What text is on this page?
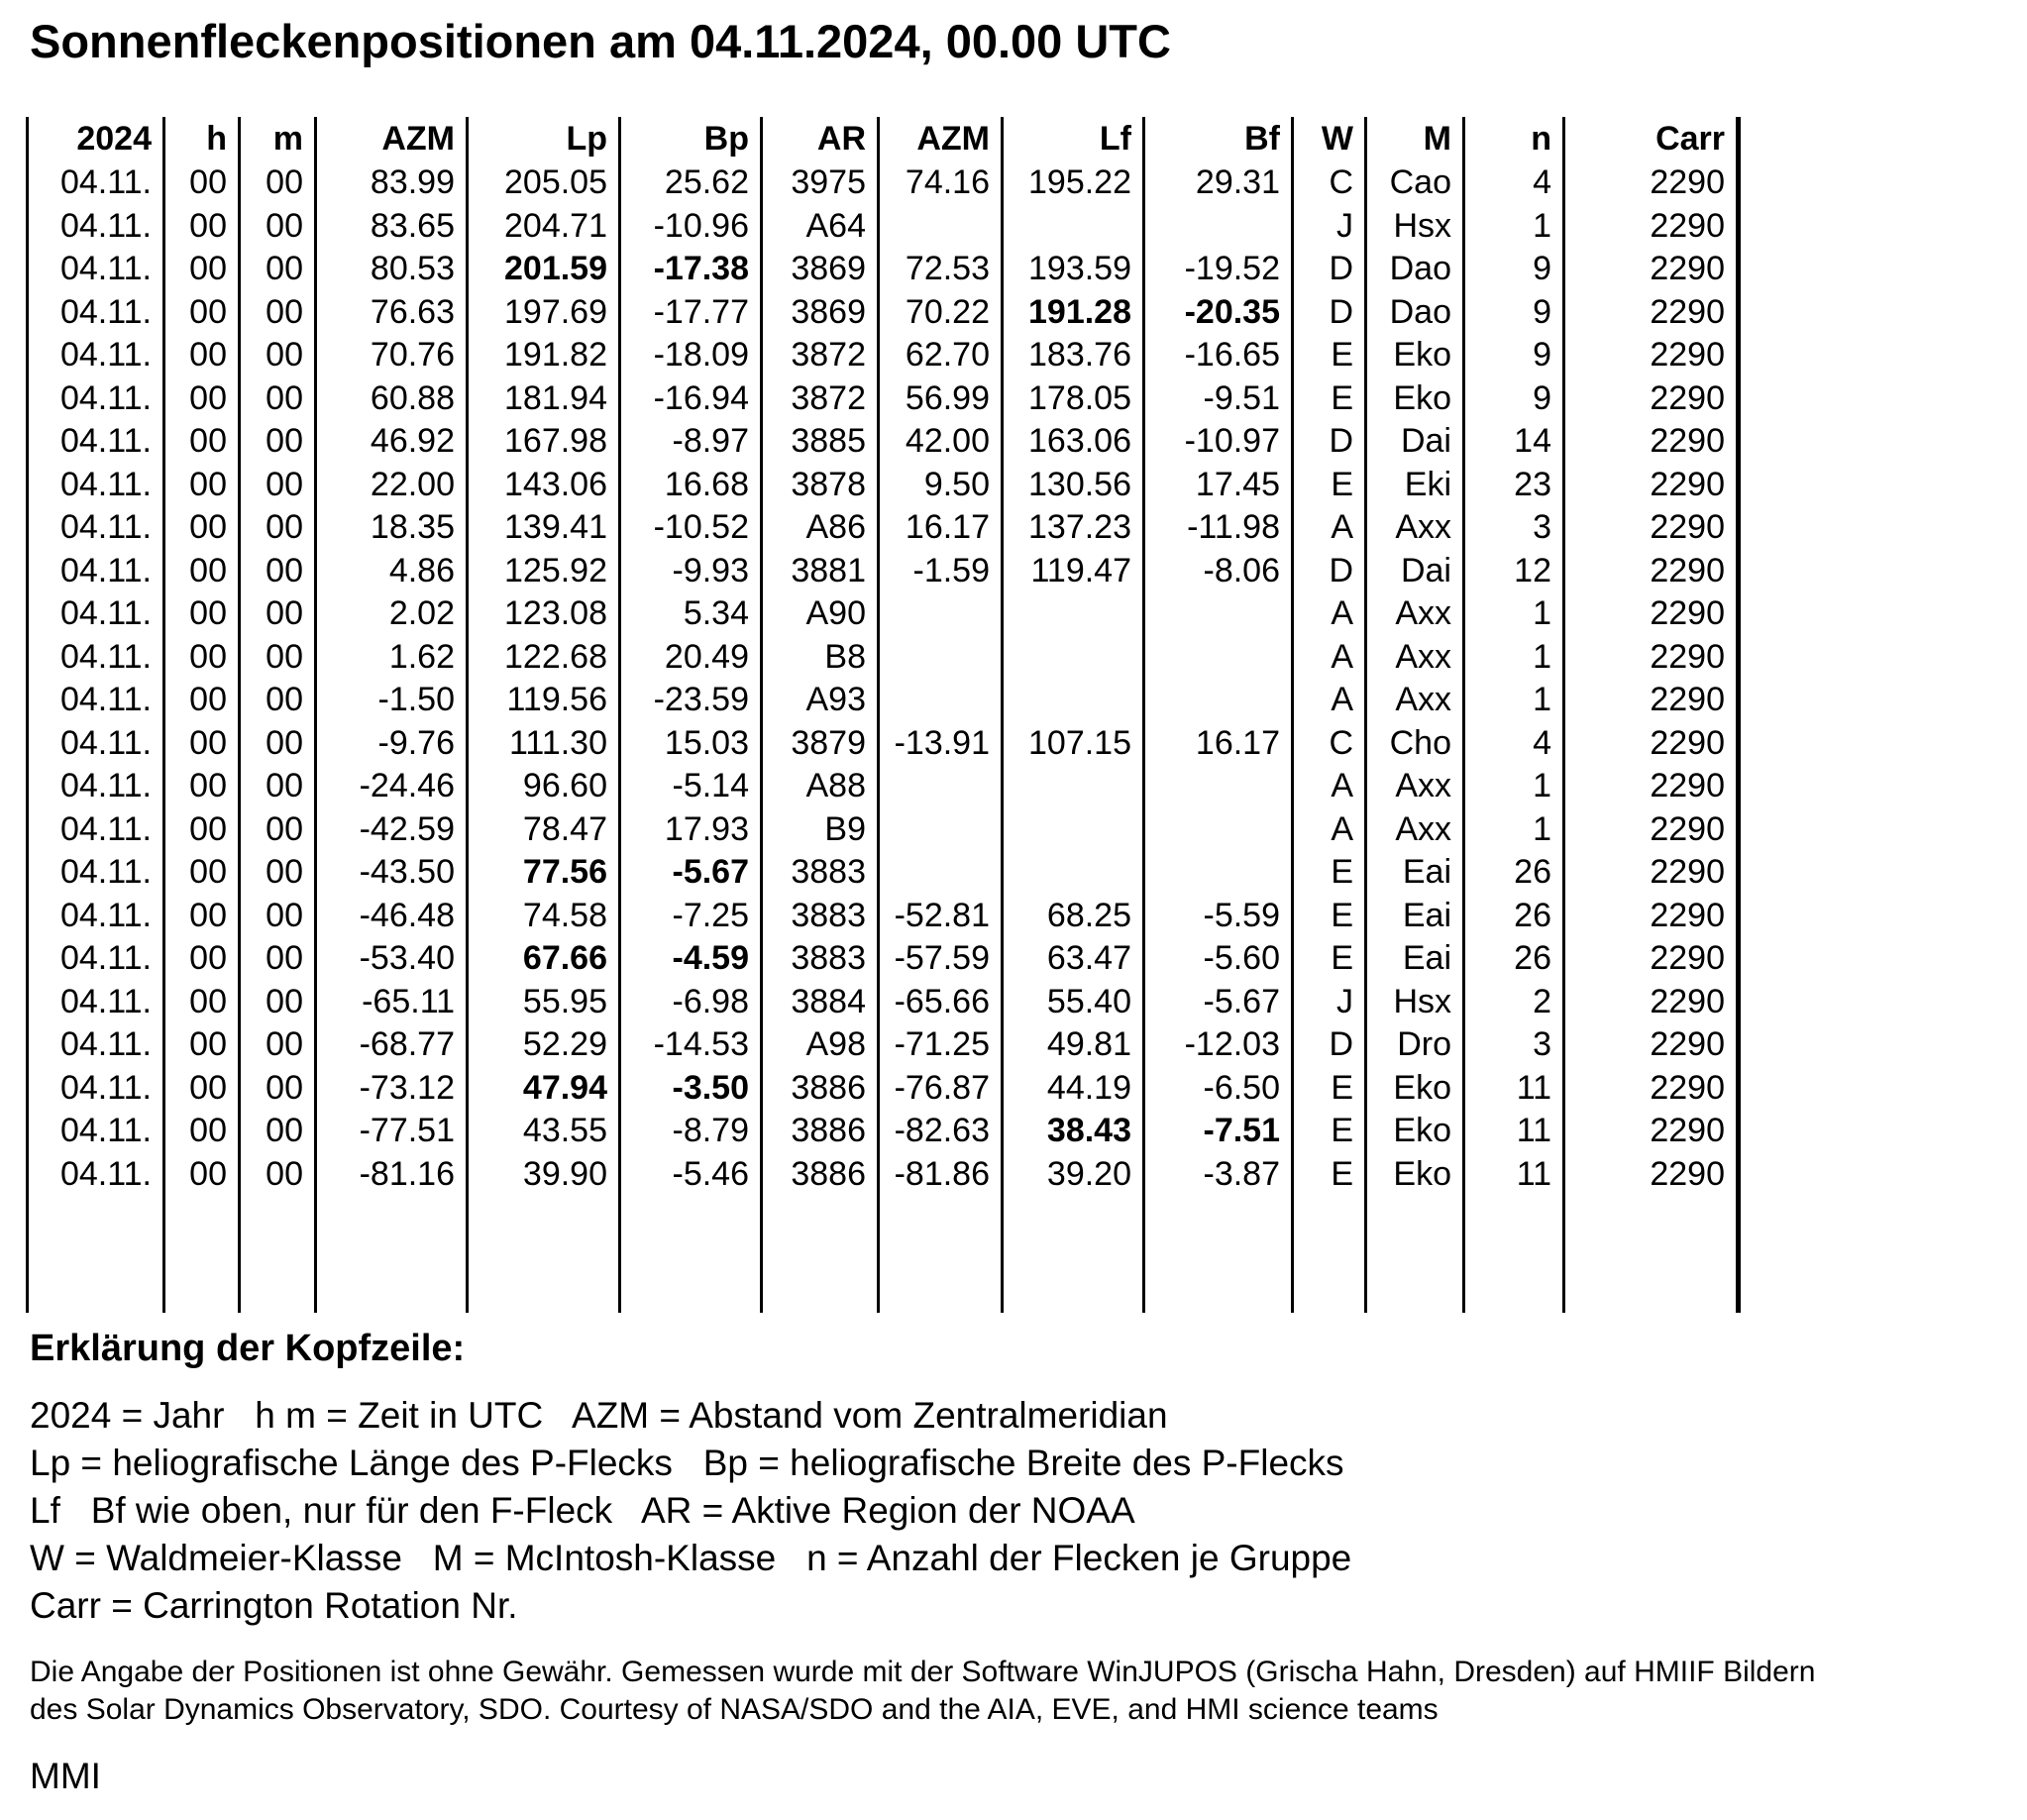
Sonnenfleckenpositionen am 04.11.2024, 00.00 UTC
2024	h	m	AZM	Lp	Bp	AR	AZM	Lf	Bf	W	M	n	Carr
04.11.	00	00	83.99	205.05	25.62	3975	74.16	195.22	29.31	C	Cao	4	2290
04.11.	00	00	83.65	204.71	-10.96	A64				J	Hsx	1	2290
04.11.	00	00	80.53	201.59	-17.38	3869	72.53	193.59	-19.52	D	Dao	9	2290
04.11.	00	00	76.63	197.69	-17.77	3869	70.22	191.28	-20.35	D	Dao	9	2290
04.11.	00	00	70.76	191.82	-18.09	3872	62.70	183.76	-16.65	E	Eko	9	2290
04.11.	00	00	60.88	181.94	-16.94	3872	56.99	178.05	-9.51	E	Eko	9	2290
04.11.	00	00	46.92	167.98	-8.97	3885	42.00	163.06	-10.97	D	Dai	14	2290
04.11.	00	00	22.00	143.06	16.68	3878	9.50	130.56	17.45	E	Eki	23	2290
04.11.	00	00	18.35	139.41	-10.52	A86	16.17	137.23	-11.98	A	Axx	3	2290
04.11.	00	00	4.86	125.92	-9.93	3881	-1.59	119.47	-8.06	D	Dai	12	2290
04.11.	00	00	2.02	123.08	5.34	A90				A	Axx	1	2290
04.11.	00	00	1.62	122.68	20.49	B8				A	Axx	1	2290
04.11.	00	00	-1.50	119.56	-23.59	A93				A	Axx	1	2290
04.11.	00	00	-9.76	111.30	15.03	3879	-13.91	107.15	16.17	C	Cho	4	2290
04.11.	00	00	-24.46	96.60	-5.14	A88				A	Axx	1	2290
04.11.	00	00	-42.59	78.47	17.93	B9				A	Axx	1	2290
04.11.	00	00	-43.50	77.56	-5.67	3883				E	Eai	26	2290
04.11.	00	00	-46.48	74.58	-7.25	3883	-52.81	68.25	-5.59	E	Eai	26	2290
04.11.	00	00	-53.40	67.66	-4.59	3883	-57.59	63.47	-5.60	E	Eai	26	2290
04.11.	00	00	-65.11	55.95	-6.98	3884	-65.66	55.40	-5.67	J	Hsx	2	2290
04.11.	00	00	-68.77	52.29	-14.53	A98	-71.25	49.81	-12.03	D	Dro	3	2290
04.11.	00	00	-73.12	47.94	-3.50	3886	-76.87	44.19	-6.50	E	Eko	11	2290
04.11.	00	00	-77.51	43.55	-8.79	3886	-82.63	38.43	-7.51	E	Eko	11	2290
04.11.	00	00	-81.16	39.90	-5.46	3886	-81.86	39.20	-3.87	E	Eko	11	2290

Erklärung der Kopfzeile:
2024 = Jahr   h m = Zeit in UTC   AZM = Abstand vom Zentralmeridian
Lp = heliografische Länge des P-Flecks   Bp = heliografische Breite des P-Flecks
Lf   Bf wie oben, nur für den F-Fleck   AR = Aktive Region der NOAA
W = Waldmeier-Klasse   M = McIntosh-Klasse   n = Anzahl der Flecken je Gruppe
Carr = Carrington Rotation Nr.
Die Angabe der Positionen ist ohne Gewähr. Gemessen wurde mit der Software WinJUPOS (Grischa Hahn, Dresden) auf HMIIF Bildern
des Solar Dynamics Observatory, SDO. Courtesy of NASA/SDO and the AIA, EVE, and HMI science teams
MMI
